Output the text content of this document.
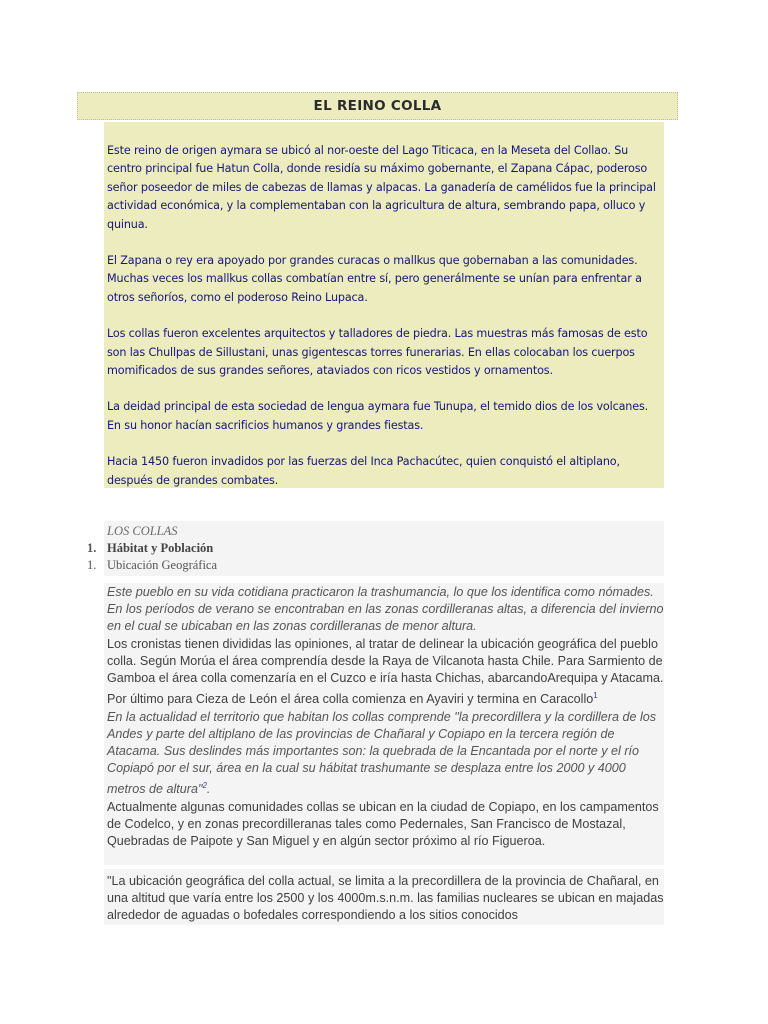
EL REINO COLLA

Este reino de origen aymara se ubicó al nor-oeste del Lago Titicaca, en la Meseta del Collao. Su centro principal fue Hatun Colla, donde residía su máximo gobernante, el Zapana Cápac, poderoso señor poseedor de miles de cabezas de llamas y alpacas. La ganadería de camélidos fue la principal actividad económica, y la complementaban con la agricultura de altura, sembrando papa, olluco y quinua.

El Zapana o rey era apoyado por grandes curacas o mallkus que gobernaban a las comunidades. Muchas veces los mallkus collas combatían entre sí, pero generálmente se unían para enfrentar a otros señoríos, como el poderoso Reino Lupaca.

Los collas fueron excelentes arquitectos y talladores de piedra. Las muestras más famosas de esto son las Chullpas de Sillustani, unas gigentescas torres funerarias. En ellas colocaban los cuerpos momificados de sus grandes señores, ataviados con ricos vestidos y ornamentos.

La deidad principal de esta sociedad de lengua aymara fue Tunupa, el temido dios de los volcanes. En su honor hacían sacrificios humanos y grandes fiestas.

Hacia 1450 fueron invadidos por las fuerzas del Inca Pachacútec, quien conquistó el altiplano, después de grandes combates.

LOS COLLAS
1. Hábitat y Población
1. Ubicación Geográfica

Este pueblo en su vida cotidiana practicaron la trashumancia, lo que los identifica como nómades. En los períodos de verano se encontraban en las zonas cordilleranas altas, a diferencia del invierno en el cual se ubicaban en las zonas cordilleranas de menor altura.

Los cronistas tienen divididas las opiniones, al tratar de delinear la ubicación geográfica del pueblo colla. Según Morúa el área comprendía desde la Raya de Vilcanota hasta Chile. Para Sarmiento de Gamboa el área colla comenzaría en el Cuzco e iría hasta Chichas, abarcandoArequipa y Atacama. Por último para Cieza de León el área colla comienza en Ayaviri y termina en Caracollo$^1$

En la actualidad el territorio que habitan los collas comprende "la precordillera y la cordillera de los Andes y parte del altiplano de las provincias de Chañaral y Copiapo en la tercera región de Atacama. Sus deslindes más importantes son: la quebrada de la Encantada por el norte y el río Copiapó por el sur, área en la cual su hábitat trashumante se desplaza entre los 2000 y 4000 metros de altura"$^2$.

Actualmente algunas comunidades collas se ubican en la ciudad de Copiapo, en los campamentos de Codelco, y en zonas precordilleranas tales como Pedernales, San Francisco de Mostazal, Quebradas de Paipote y San Miguel y en algún sector próximo al río Figueroa.

"La ubicación geográfica del colla actual, se limita a la precordillera de la provincia de Chañaral, en una altitud que varía entre los 2500 y los 4000m.s.n.m. las familias nucleares se ubican en majadas alrededor de aguadas o bofedales correspondiendo a los sitios conocidos
